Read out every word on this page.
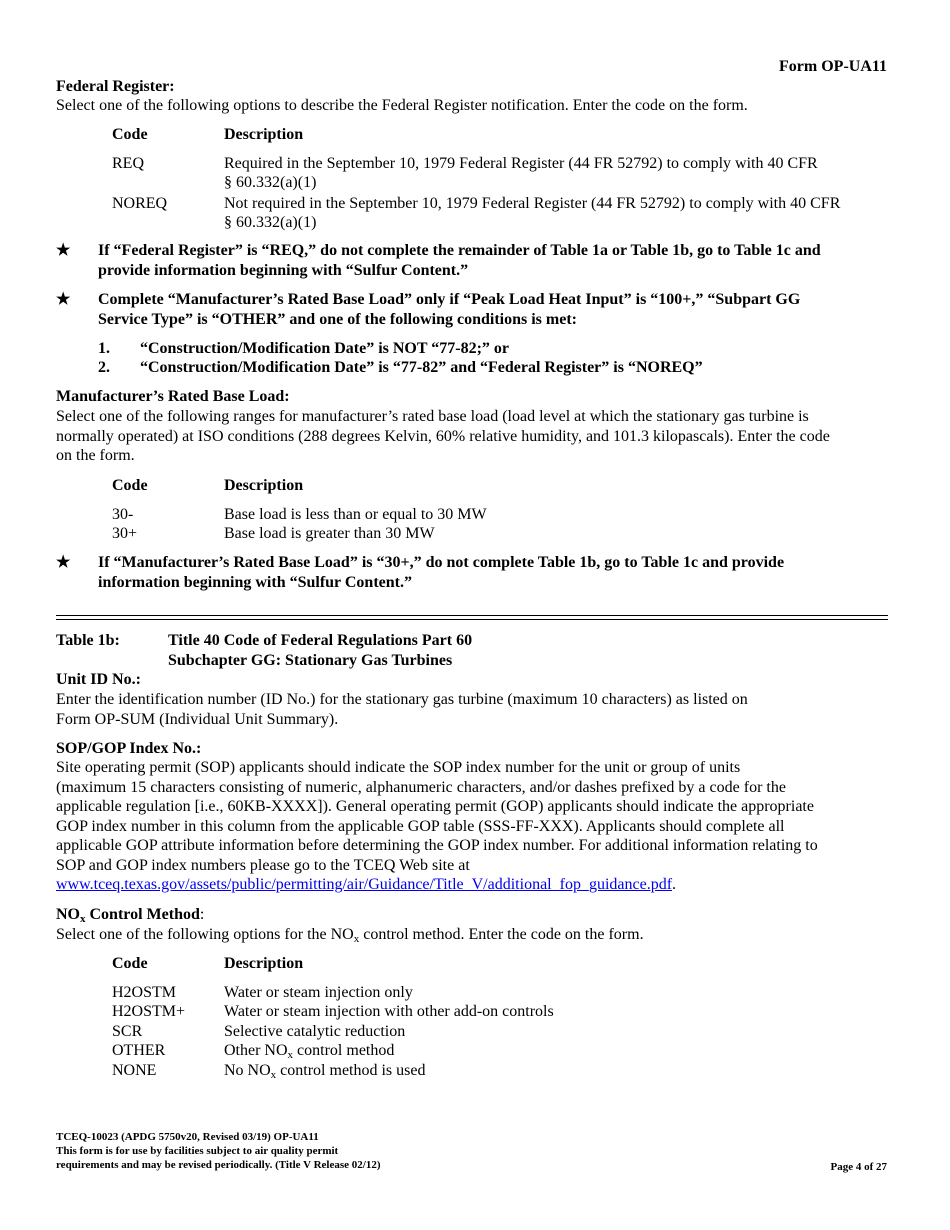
Form OP-UA11
Federal Register:
Select one of the following options to describe the Federal Register notification. Enter the code on the form.
Code	Description
REQ	Required in the September 10, 1979 Federal Register (44 FR 52792) to comply with 40 CFR
§ 60.332(a)(1)
NOREQ	Not required in the September 10, 1979 Federal Register (44 FR 52792) to comply with 40 CFR
§ 60.332(a)(1)
★ If “Federal Register” is “REQ,” do not complete the remainder of Table 1a or Table 1b, go to Table 1c and
provide information beginning with “Sulfur Content.”
★ Complete “Manufacturer’s Rated Base Load” only if “Peak Load Heat Input” is “100+,” “Subpart GG
Service Type” is “OTHER” and one of the following conditions is met:
1. “Construction/Modification Date” is NOT “77-82;” or
2. “Construction/Modification Date” is “77-82” and “Federal Register” is “NOREQ”
Manufacturer’s Rated Base Load:
Select one of the following ranges for manufacturer’s rated base load (load level at which the stationary gas turbine is
normally operated) at ISO conditions (288 degrees Kelvin, 60% relative humidity, and 101.3 kilopascals). Enter the code
on the form.
Code	Description
30-	Base load is less than or equal to 30 MW
30+	Base load is greater than 30 MW
★ If “Manufacturer’s Rated Base Load” is “30+,” do not complete Table 1b, go to Table 1c and provide
information beginning with “Sulfur Content.”
Table 1b:	Title 40 Code of Federal Regulations Part 60
Subchapter GG: Stationary Gas Turbines
Unit ID No.:
Enter the identification number (ID No.) for the stationary gas turbine (maximum 10 characters) as listed on
Form OP-SUM (Individual Unit Summary).
SOP/GOP Index No.:
Site operating permit (SOP) applicants should indicate the SOP index number for the unit or group of units
(maximum 15 characters consisting of numeric, alphanumeric characters, and/or dashes prefixed by a code for the
applicable regulation [i.e., 60KB-XXXX]). General operating permit (GOP) applicants should indicate the appropriate
GOP index number in this column from the applicable GOP table (SSS-FF-XXX). Applicants should complete all
applicable GOP attribute information before determining the GOP index number. For additional information relating to
SOP and GOP index numbers please go to the TCEQ Web site at
www.tceq.texas.gov/assets/public/permitting/air/Guidance/Title_V/additional_fop_guidance.pdf.
$NO_x$ Control Method:
Select one of the following options for the $NO_x$ control method. Enter the code on the form.
Code	Description
H2OSTM	Water or steam injection only
H2OSTM+	Water or steam injection with other add-on controls
SCR	Selective catalytic reduction
OTHER	Other $NO_x$ control method
NONE	No $NO_x$ control method is used
TCEQ-10023 (APDG 5750v20, Revised 03/19) OP-UA11
This form is for use by facilities subject to air quality permit
requirements and may be revised periodically. (Title V Release 02/12)	Page 4 of 27
